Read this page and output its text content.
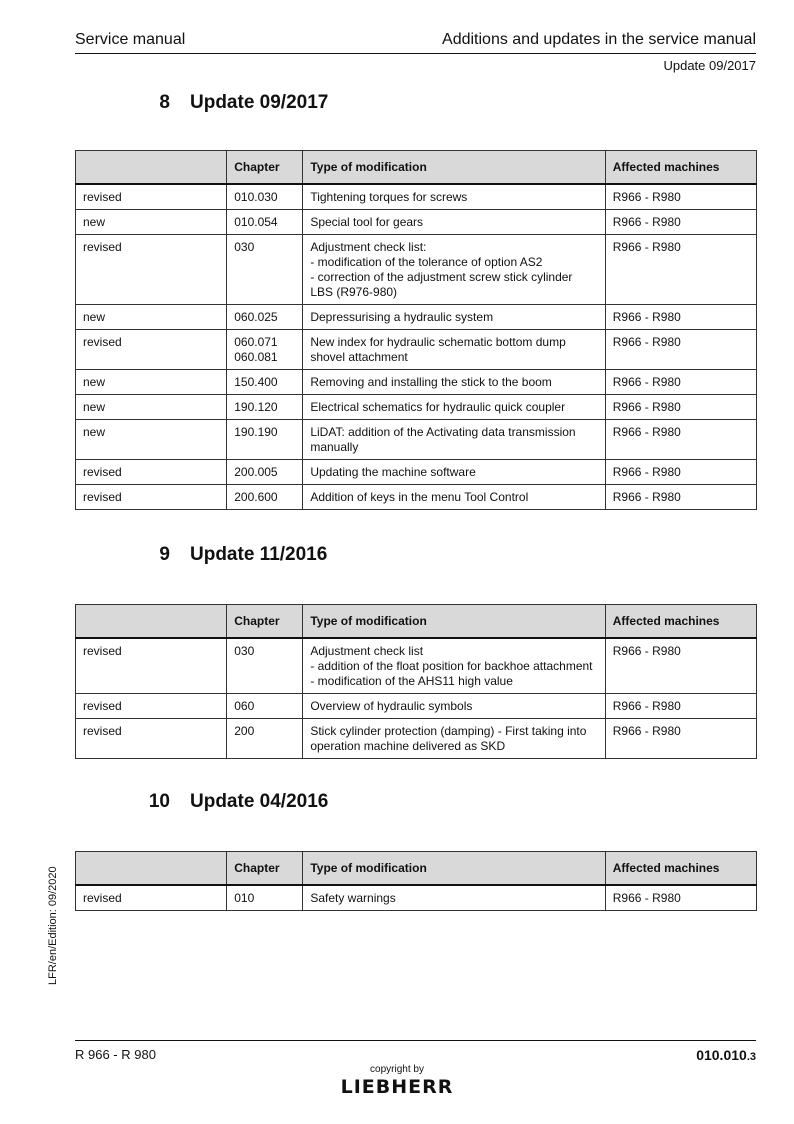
Service manual	Additions and updates in the service manual
Update 09/2017
8 Update 09/2017
	Chapter	Type of modification	Affected machines
revised	010.030	Tightening torques for screws	R966 - R980
new	010.054	Special tool for gears	R966 - R980
revised	030	Adjustment check list:
- modification of the tolerance of option AS2
- correction of the adjustment screw stick cylinder LBS (R976-980)	R966 - R980
new	060.025	Depressurising a hydraulic system	R966 - R980
revised	060.071
060.081	New index for hydraulic schematic bottom dump shovel attachment	R966 - R980
new	150.400	Removing and installing the stick to the boom	R966 - R980
new	190.120	Electrical schematics for hydraulic quick coupler	R966 - R980
new	190.190	LiDAT: addition of the Activating data transmission manually	R966 - R980
revised	200.005	Updating the machine software	R966 - R980
revised	200.600	Addition of keys in the menu Tool Control	R966 - R980
9 Update 11/2016
	Chapter	Type of modification	Affected machines
revised	030	Adjustment check list
- addition of the float position for backhoe attachment
- modification of the AHS11 high value	R966 - R980
revised	060	Overview of hydraulic symbols	R966 - R980
revised	200	Stick cylinder protection (damping) - First taking into operation machine delivered as SKD	R966 - R980
10 Update 04/2016
	Chapter	Type of modification	Affected machines
revised	010	Safety warnings	R966 - R980
LFR/en/Edition: 09/2020
R 966 - R 980	010.010.3
copyright by
LIEBHERR
